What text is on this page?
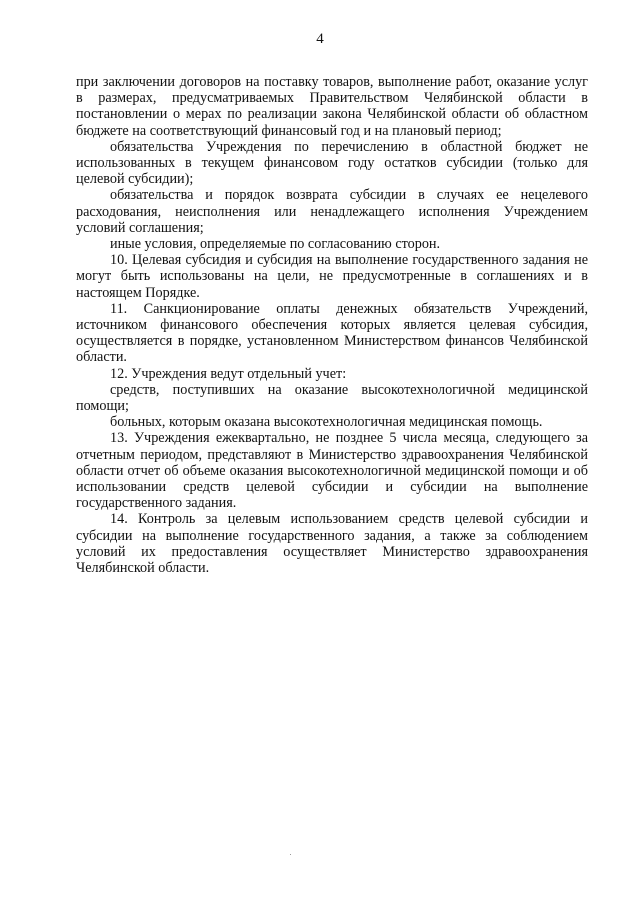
4

при заключении договоров на поставку товаров, выполнение работ, оказание услуг в размерах, предусматриваемых Правительством Челябинской области в постановлении о мерах по реализации закона Челябинской области об областном бюджете на соответствующий финансовый год и на плановый период;

обязательства Учреждения по перечислению в областной бюджет не использованных в текущем финансовом году остатков субсидии (только для целевой субсидии);

обязательства и порядок возврата субсидии в случаях ее нецелевого расходования, неисполнения или ненадлежащего исполнения Учреждением условий соглашения;

иные условия, определяемые по согласованию сторон.

10. Целевая субсидия и субсидия на выполнение государственного задания не могут быть использованы на цели, не предусмотренные в соглашениях и в настоящем Порядке.

11. Санкционирование оплаты денежных обязательств Учреждений, источником финансового обеспечения которых является целевая субсидия, осуществляется в порядке, установленном Министерством финансов Челябинской области.

12. Учреждения ведут отдельный учет:

средств, поступивших на оказание высокотехнологичной медицинской помощи;

больных, которым оказана высокотехнологичная медицинская помощь.

13. Учреждения ежеквартально, не позднее 5 числа месяца, следующего за отчетным периодом, представляют в Министерство здравоохранения Челябинской области отчет об объеме оказания высокотехнологичной медицинской помощи и об использовании средств целевой субсидии и субсидии на выполнение государственного задания.

14. Контроль за целевым использованием средств целевой субсидии и субсидии на выполнение государственного задания, а также за соблюдением условий их предоставления осуществляет Министерство здравоохранения Челябинской области.
